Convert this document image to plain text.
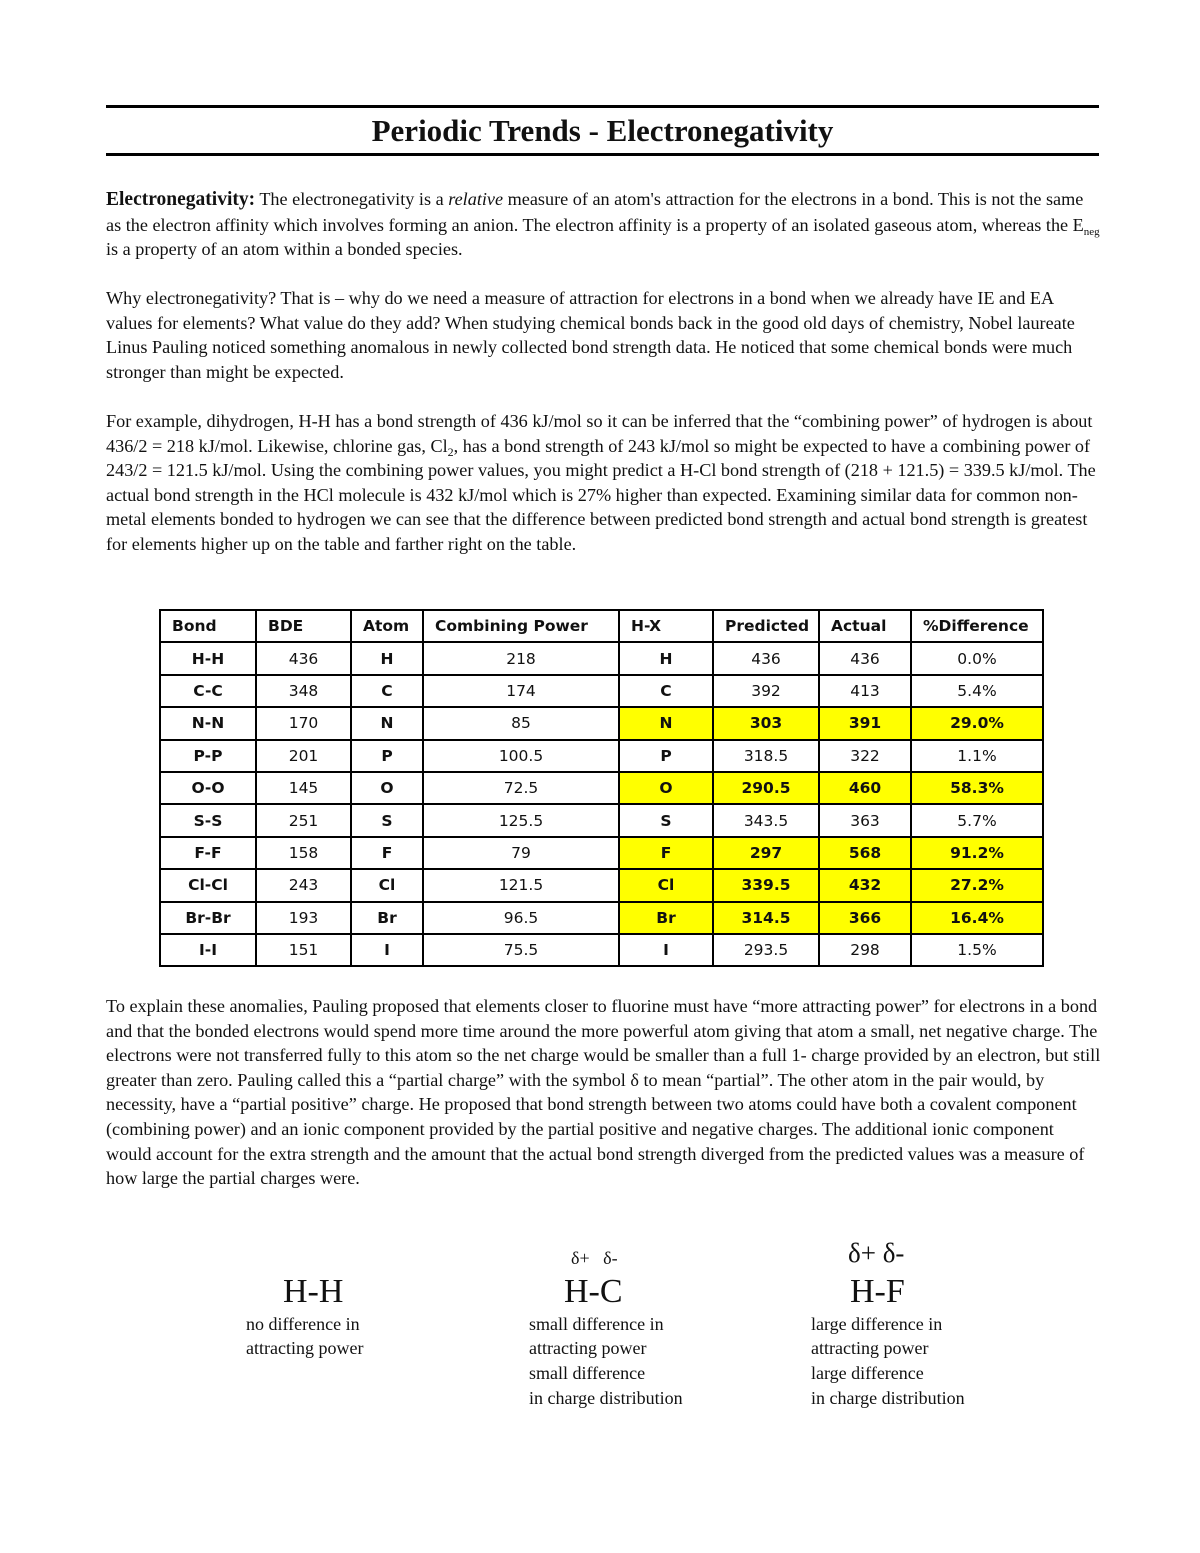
Periodic Trends - Electronegativity

Electronegativity: The electronegativity is a relative measure of an atom's attraction for the electrons in a bond. This is not the same as the electron affinity which involves forming an anion. The electron affinity is a property of an isolated gaseous atom, whereas the $E_{neg}$ is a property of an atom within a bonded species.

Why electronegativity? That is – why do we need a measure of attraction for electrons in a bond when we already have IE and EA values for elements? What value do they add? When studying chemical bonds back in the good old days of chemistry, Nobel laureate Linus Pauling noticed something anomalous in newly collected bond strength data. He noticed that some chemical bonds were much stronger than might be expected.

For example, dihydrogen, H-H has a bond strength of 436 kJ/mol so it can be inferred that the “combining power” of hydrogen is about 436/2 = 218 kJ/mol. Likewise, chlorine gas, $Cl_2$, has a bond strength of 243 kJ/mol so might be expected to have a combining power of 243/2 = 121.5 kJ/mol. Using the combining power values, you might predict a H-Cl bond strength of (218 + 121.5) = 339.5 kJ/mol. The actual bond strength in the HCl molecule is 432 kJ/mol which is 27% higher than expected. Examining similar data for common non-metal elements bonded to hydrogen we can see that the difference between predicted bond strength and actual bond strength is greatest for elements higher up on the table and farther right on the table.

Bond	BDE	Atom	Combining Power	H-X	Predicted	Actual	%Difference
H-H	436	H	218	H	436	436	0.0%
C-C	348	C	174	C	392	413	5.4%
N-N	170	N	85	N	303	391	29.0%
P-P	201	P	100.5	P	318.5	322	1.1%
O-O	145	O	72.5	O	290.5	460	58.3%
S-S	251	S	125.5	S	343.5	363	5.7%
F-F	158	F	79	F	297	568	91.2%
Cl-Cl	243	Cl	121.5	Cl	339.5	432	27.2%
Br-Br	193	Br	96.5	Br	314.5	366	16.4%
I-I	151	I	75.5	I	293.5	298	1.5%

To explain these anomalies, Pauling proposed that elements closer to fluorine must have “more attracting power” for electrons in a bond and that the bonded electrons would spend more time around the more powerful atom giving that atom a small, net negative charge. The electrons were not transferred fully to this atom so the net charge would be smaller than a full 1- charge provided by an electron, but still greater than zero. Pauling called this a “partial charge” with the symbol δ to mean “partial”. The other atom in the pair would, by necessity, have a “partial positive” charge. He proposed that bond strength between two atoms could have both a covalent component (combining power) and an ionic component provided by the partial positive and negative charges. The additional ionic component would account for the extra strength and the amount that the actual bond strength diverged from the predicted values was a measure of how large the partial charges were.

H-H
no difference in
attracting power
δ+   δ-
H-C
small difference in
attracting power
small difference
in charge distribution
δ+ δ-
H-F
large difference in
attracting power
large difference
in charge distribution
